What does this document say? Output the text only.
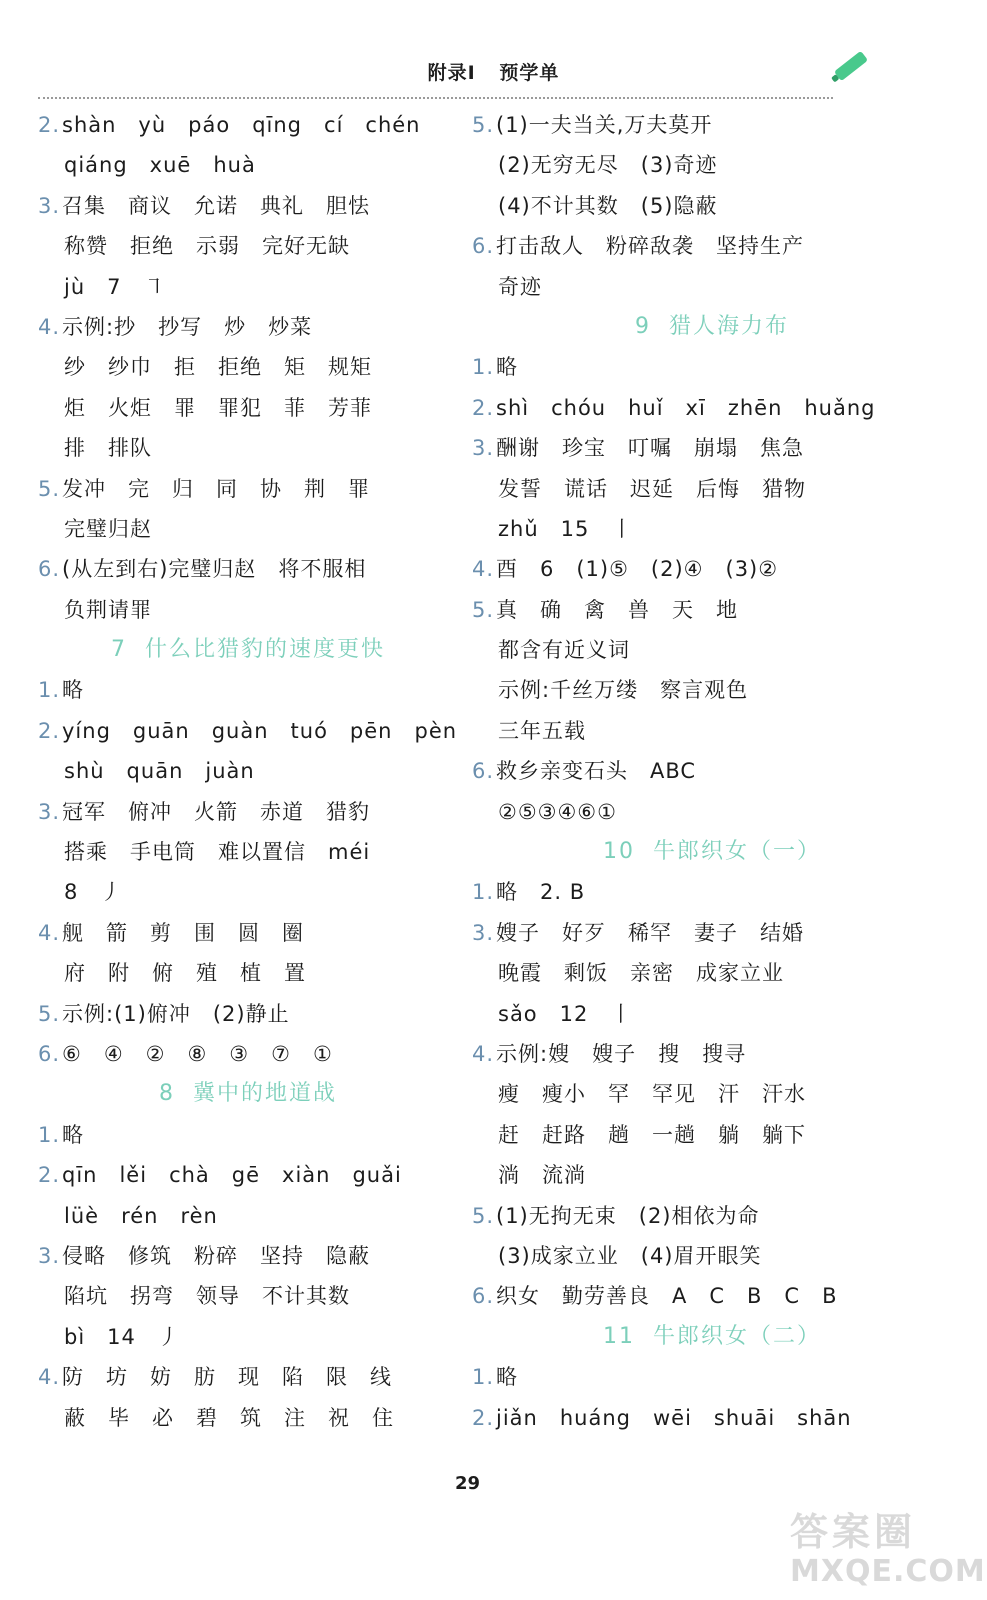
附录Ⅰ 预学单
2.shàn　yù　páo　qīng　cí　chén
qiáng　xuē　huà
3.召集　商议　允诺　典礼　胆怯
称赞　拒绝　示弱　完好无缺
jù　7　㇕
4.示例:抄　抄写　炒　炒菜
纱　纱巾　拒　拒绝　矩　规矩
炬　火炬　罪　罪犯　菲　芳菲
排　排队
5.发冲　完　归　同　协　荆　罪
完璧归赵
6.(从左到右)完璧归赵　将不服相
负荆请罪
7 什么比猎豹的速度更快
1.略
2.yíng　guān　guàn　tuó　pēn　pèn
shù　quān　juàn
3.冠军　俯冲　火箭　赤道　猎豹
搭乘　手电筒　难以置信　méi
8　丿
4.舰　箭　剪　围　圆　圈
府　附　俯　殖　植　置
5.示例:(1)俯冲　(2)静止
6.⑥　④　②　⑧　③　⑦　①
8 冀中的地道战
1.略
2.qīn　lěi　chà　gē　xiàn　guǎi
lüè　rén　rèn
3.侵略　修筑　粉碎　坚持　隐蔽
陷坑　拐弯　领导　不计其数
bì　14　丿
4.防　坊　妨　肪　现　陷　限　线
蔽　毕　必　碧　筑　注　祝　住
5.(1)一夫当关,万夫莫开
(2)无穷无尽　(3)奇迹
(4)不计其数　(5)隐蔽
6.打击敌人　粉碎敌袭　坚持生产
奇迹
9 猎人海力布
1.略
2.shì　chóu　huǐ　xī　zhēn　huǎng
3.酬谢　珍宝　叮嘱　崩塌　焦急
发誓　谎话　迟延　后悔　猎物
zhǔ　15　丨
4.酉　6　(1)⑤　(2)④　(3)②
5.真　确　禽　兽　天　地
都含有近义词
示例:千丝万缕　察言观色
三年五载
6.救乡亲变石头　ABC
②⑤③④⑥①
10 牛郎织女（一）
1.略　2. B
3.嫂子　好歹　稀罕　妻子　结婚
晚霞　剩饭　亲密　成家立业
sǎo　12　丨
4.示例:嫂　嫂子　搜　搜寻
瘦　瘦小　罕　罕见　汗　汗水
赶　赶路　趟　一趟　躺　躺下
淌　流淌
5.(1)无拘无束　(2)相依为命
(3)成家立业　(4)眉开眼笑
6.织女　勤劳善良　A　C　B　C　B
11 牛郎织女（二）
1.略
2.jiǎn　huáng　wēi　shuāi　shān
29
答案圈
MXQE.COM
